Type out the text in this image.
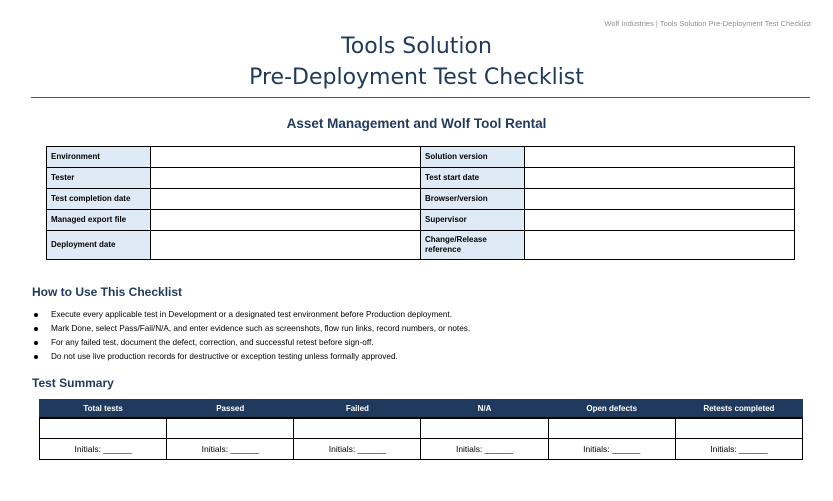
Wolf Industries | Tools Solution Pre-Deployment Test Checklist
Tools Solution
Pre-Deployment Test Checklist
Asset Management and Wolf Tool Rental
Environment		Solution version	
Tester		Test start date	
Test completion date		Browser/version	
Managed export file		Supervisor	
Deployment date		Change/Release reference	
How to Use This Checklist
Execute every applicable test in Development or a designated test environment before Production deployment.
Mark Done, select Pass/Fail/N/A, and enter evidence such as screenshots, flow run links, record numbers, or notes.
For any failed test, document the defect, correction, and successful retest before sign-off.
Do not use live production records for destructive or exception testing unless formally approved.
Test Summary
Total tests	Passed	Failed	N/A	Open defects	Retests completed

Initials: ______	Initials: ______	Initials: ______	Initials: ______	Initials: ______	Initials: ______
